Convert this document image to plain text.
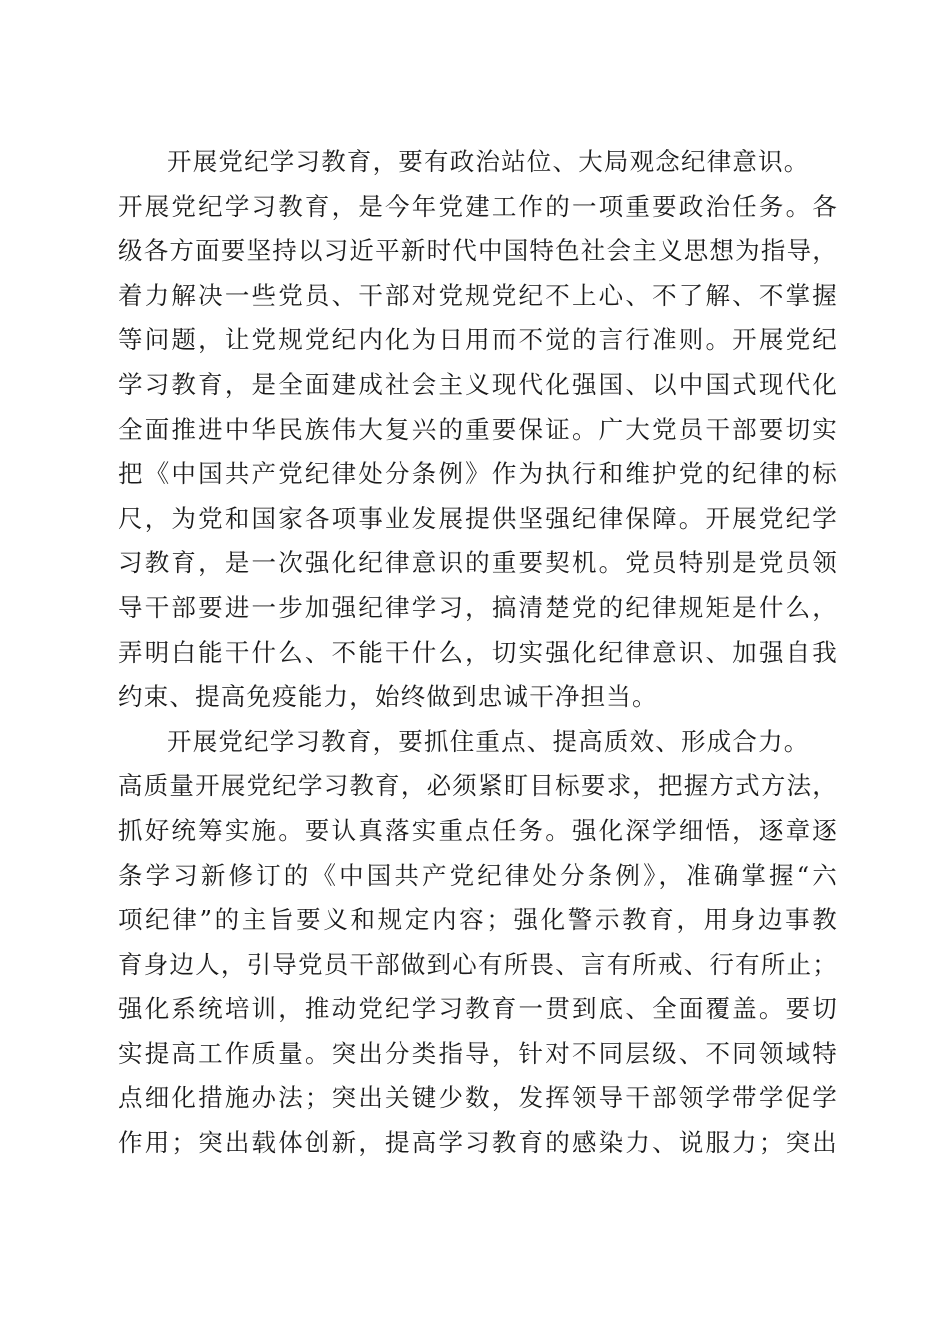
开展党纪学习教育，要有政治站位、大局观念纪律意识。
开展党纪学习教育，是今年党建工作的一项重要政治任务。各
级各方面要坚持以习近平新时代中国特色社会主义思想为指导，
着力解决一些党员、干部对党规党纪不上心、不了解、不掌握
等问题，让党规党纪内化为日用而不觉的言行准则。开展党纪
学习教育，是全面建成社会主义现代化强国、以中国式现代化
全面推进中华民族伟大复兴的重要保证。广大党员干部要切实
把《中国共产党纪律处分条例》作为执行和维护党的纪律的标
尺，为党和国家各项事业发展提供坚强纪律保障。开展党纪学
习教育，是一次强化纪律意识的重要契机。党员特别是党员领
导干部要进一步加强纪律学习，搞清楚党的纪律规矩是什么，
弄明白能干什么、不能干什么，切实强化纪律意识、加强自我
约束、提高免疫能力，始终做到忠诚干净担当。
开展党纪学习教育，要抓住重点、提高质效、形成合力。
高质量开展党纪学习教育，必须紧盯目标要求，把握方式方法，
抓好统筹实施。要认真落实重点任务。强化深学细悟，逐章逐
条学习新修订的《中国共产党纪律处分条例》，准确掌握“六
项纪律”的主旨要义和规定内容；强化警示教育，用身边事教
育身边人，引导党员干部做到心有所畏、言有所戒、行有所止；
强化系统培训，推动党纪学习教育一贯到底、全面覆盖。要切
实提高工作质量。突出分类指导，针对不同层级、不同领域特
点细化措施办法；突出关键少数，发挥领导干部领学带学促学
作用；突出载体创新，提高学习教育的感染力、说服力；突出
